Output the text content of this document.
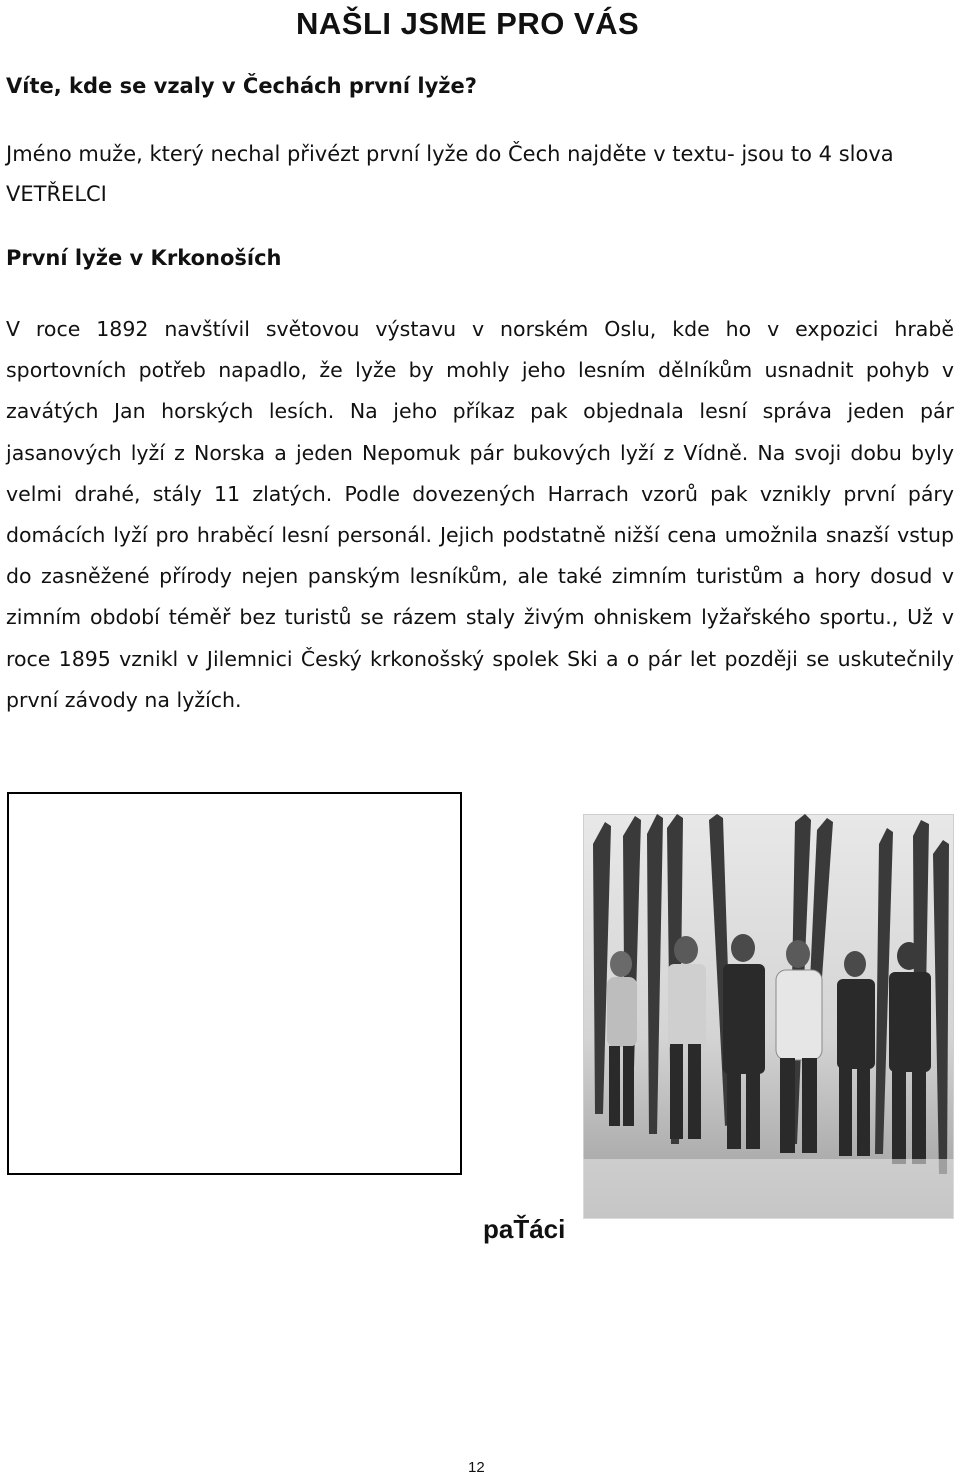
NAŠLI JSME PRO VÁS
Víte, kde se vzaly v Čechách první lyže?

Jméno muže, který nechal přivézt první lyže do Čech najděte v textu- jsou to 4 slova VETŘELCI

První lyže v Krkonoších

V roce 1892 navštívil světovou výstavu v norském Oslu, kde ho v expozici hrabě sportovních potřeb napadlo, že lyže by mohly jeho lesním dělníkům usnadnit pohyb v zavátých Jan horských lesích. Na jeho příkaz pak objednala lesní správa jeden pár jasanových lyží z Norska a jeden Nepomuk pár bukových lyží z Vídně. Na svoji dobu byly velmi drahé, stály 11 zlatých. Podle dovezených Harrach vzorů pak vznikly první páry domácích lyží pro hraběcí lesní personál. Jejich podstatně nižší cena umožnila snazší vstup do zasněžené přírody nejen panským lesníkům, ale také zimním turistům a hory dosud v zimním období téměř bez turistů se rázem staly živým ohniskem lyžařského sportu., Už v roce 1895 vznikl v Jilemnici Český krkonošský spolek Ski a o pár let později se uskutečnily první závody na lyžích.

paŤáci
12
